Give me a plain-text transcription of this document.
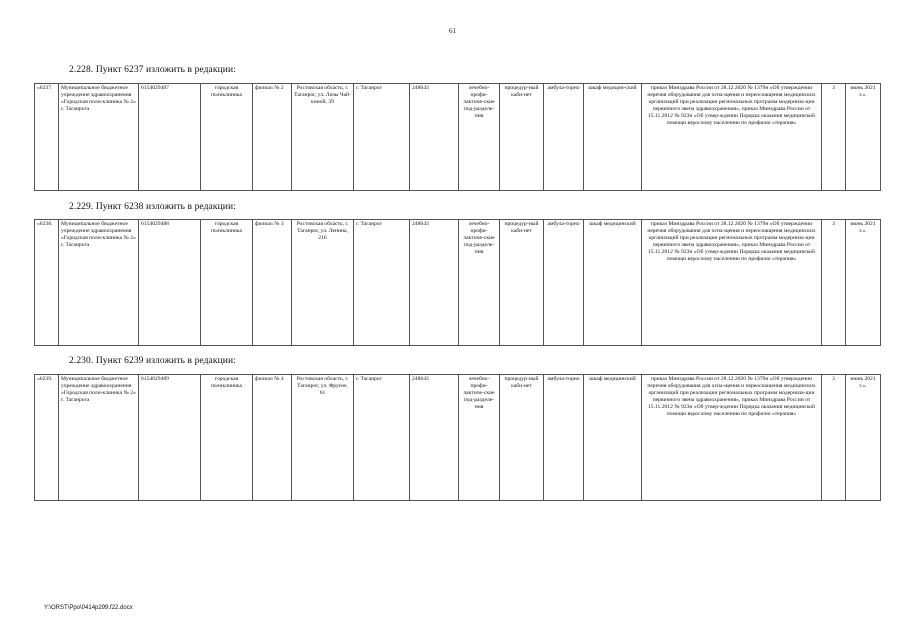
61
2.228. Пункт 6237 изложить в редакции:
«6237.	Муниципальное бюджетное учреждение здравоохранения «Городская поли-клиника № 2» г. Таганрога	6154029487	городская поликлиника	филиал № 2	Ростовская область, г. Таганрог, ул. Лизы Чай-киной, 39	г. Таганрог	248643	лечебно-профи-лактиче-ские под-разделе-ния	процедур-ный каби-нет	амбула-торно	шкаф медицин-ский	приказ Минздрава России от 28.12.2020 № 1379н «Об утверждении перечня оборудования для осна-щения и переоснащения медицинских организаций при реализации региональных программ модерниза-ции первичного звена здравоохранения», приказ Минздрава России от 15.11.2012 № 923н «Об утвер-ждении Порядка оказания медицинской помощи взрослому населению по профилю «терапия»	3	июнь 2021 г.».
2.229. Пункт 6238 изложить в редакции:
«6238.	Муниципальное бюджетное учреждение здравоохранения «Городская поли-клиника № 2» г. Таганрога	6154029488	городская поликлиника	филиал № 3	Ростовская область, г. Таганрог, ул. Ленина, 216	г. Таганрог	248643	лечебно-профи-лактиче-ские под-разделе-ния	процедур-ный каби-нет	амбула-торно	шкаф медицинский	приказ Минздрава России от 28.12.2020 № 1379н «Об утверждении перечня оборудования для осна-щения и переоснащения медицинских организаций при реализации региональных программ модерниза-ции первичного звена здравоохранения», приказ Минздрава России от 15.11.2012 № 923н «Об утвер-ждении Порядка оказания медицинской помощи взрослому населению по профилю «терапия»	3	июнь 2021 г.».
2.230. Пункт 6239 изложить в редакции:
«6239.	Муниципальное бюджетное учреждение здравоохранения «Городская поли-клиника № 2» г. Таганрога	6154029489	городская поликлиника	филиал № 4	Ростовская область, г. Таганрог, ул. Фрунзе, 61	г. Таганрог	248643	лечебно-профи-лактиче-ские под-разделе-ния	процедур-ный каби-нет	амбула-торно	шкаф медицинский	приказ Минздрава России от 28.12.2020 № 1379н «Об утверждении перечня оборудования для осна-щения и переоснащения медицинских организаций при реализации региональных программ модерниза-ции первичного звена здравоохранения», приказ Минздрава России от 15.11.2012 № 923н «Об утвер-ждении Порядка оказания медицинской помощи взрослому населению по профилю «терапия»	3	июнь 2021 г.».
Y:\ORST\Ppo\0414p299.f22.docx
